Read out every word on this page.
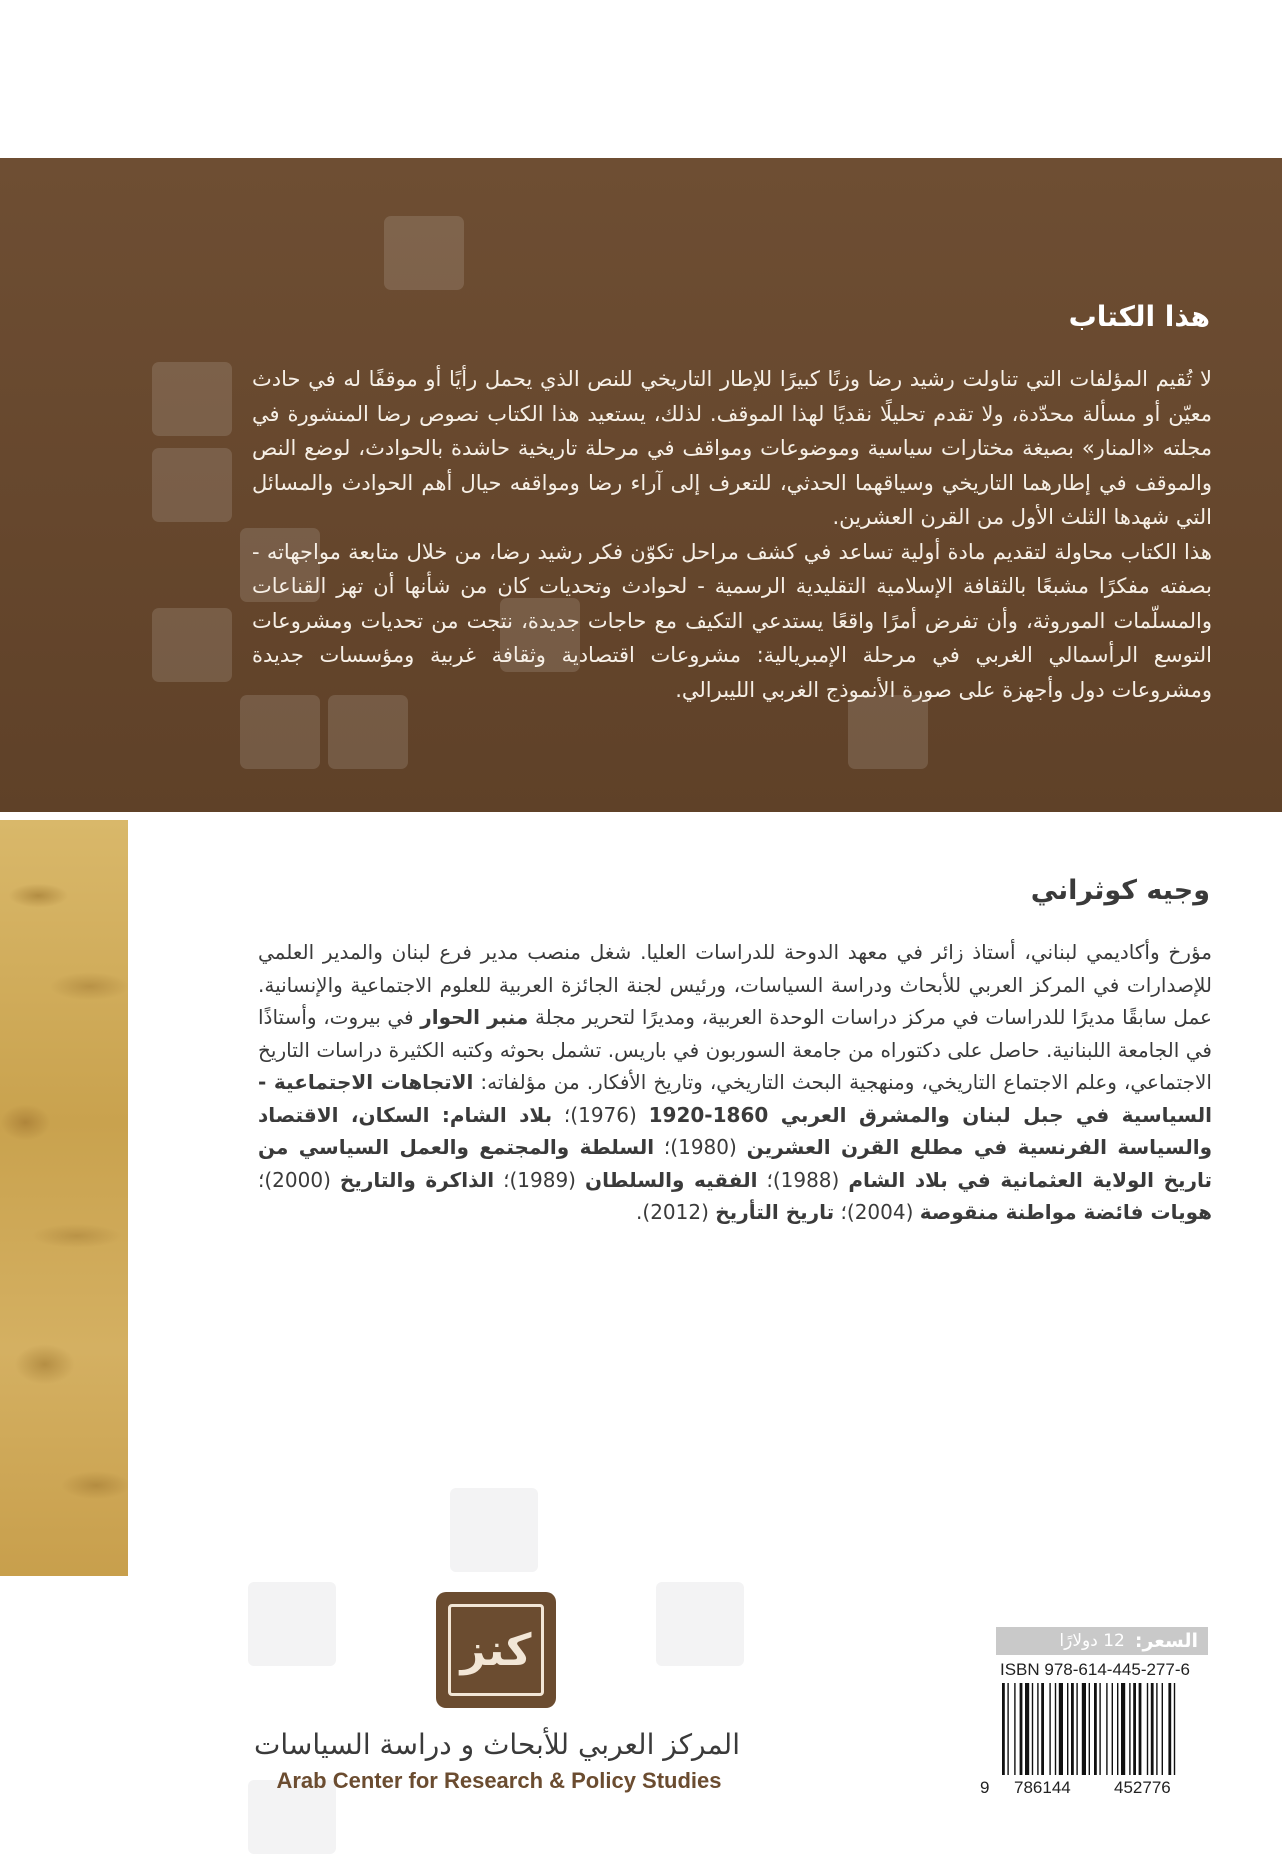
هذا الكتاب

لا تُقيم المؤلفات التي تناولت رشيد رضا وزنًا كبيرًا للإطار التاريخي للنص الذي يحمل رأيًا أو موقفًا له في حادث معيّن أو مسألة محدّدة، ولا تقدم تحليلًا نقديًا لهذا الموقف. لذلك، يستعيد هذا الكتاب نصوص رضا المنشورة في مجلته «المنار» بصيغة مختارات سياسية وموضوعات ومواقف في مرحلة تاريخية حاشدة بالحوادث، لوضع النص والموقف في إطارهما التاريخي وسياقهما الحدثي، للتعرف إلى آراء رضا ومواقفه حيال أهم الحوادث والمسائل التي شهدها الثلث الأول من القرن العشرين.

هذا الكتاب محاولة لتقديم مادة أولية تساعد في كشف مراحل تكوّن فكر رشيد رضا، من خلال متابعة مواجهاته - بصفته مفكرًا مشبعًا بالثقافة الإسلامية التقليدية الرسمية - لحوادث وتحديات كان من شأنها أن تهز القناعات والمسلّمات الموروثة، وأن تفرض أمرًا واقعًا يستدعي التكيف مع حاجات جديدة، نتجت من تحديات ومشروعات التوسع الرأسمالي الغربي في مرحلة الإمبريالية: مشروعات اقتصادية وثقافة غربية ومؤسسات جديدة ومشروعات دول وأجهزة على صورة الأنموذج الغربي الليبرالي.

وجيه كوثراني
مؤرخ وأكاديمي لبناني، أستاذ زائر في معهد الدوحة للدراسات العليا. شغل منصب مدير فرع لبنان والمدير العلمي للإصدارات في المركز العربي للأبحاث ودراسة السياسات، ورئيس لجنة الجائزة العربية للعلوم الاجتماعية والإنسانية. عمل سابقًا مديرًا للدراسات في مركز دراسات الوحدة العربية، ومديرًا لتحرير مجلة منبر الحوار في بيروت، وأستاذًا في الجامعة اللبنانية. حاصل على دكتوراه من جامعة السوربون في باريس. تشمل بحوثه وكتبه الكثيرة دراسات التاريخ الاجتماعي، وعلم الاجتماع التاريخي، ومنهجية البحث التاريخي، وتاريخ الأفكار. من مؤلفاته: الاتجاهات الاجتماعية - السياسية في جبل لبنان والمشرق العربي 1860-1920 (1976)؛ بلاد الشام: السكان، الاقتصاد والسياسة الفرنسية في مطلع القرن العشرين (1980)؛ السلطة والمجتمع والعمل السياسي من تاريخ الولاية العثمانية في بلاد الشام (1988)؛ الفقيه والسلطان (1989)؛ الذاكرة والتاريخ (2000)؛ هويات فائضة مواطنة منقوصة (2004)؛ تاريخ التأريخ (2012).
كنز

المركز العربي للأبحاث و دراسة السياسات

Arab Center for Research & Policy Studies

السعر:
12 دولارًا

ISBN 978-614-445-277-6

9 786144	452776
